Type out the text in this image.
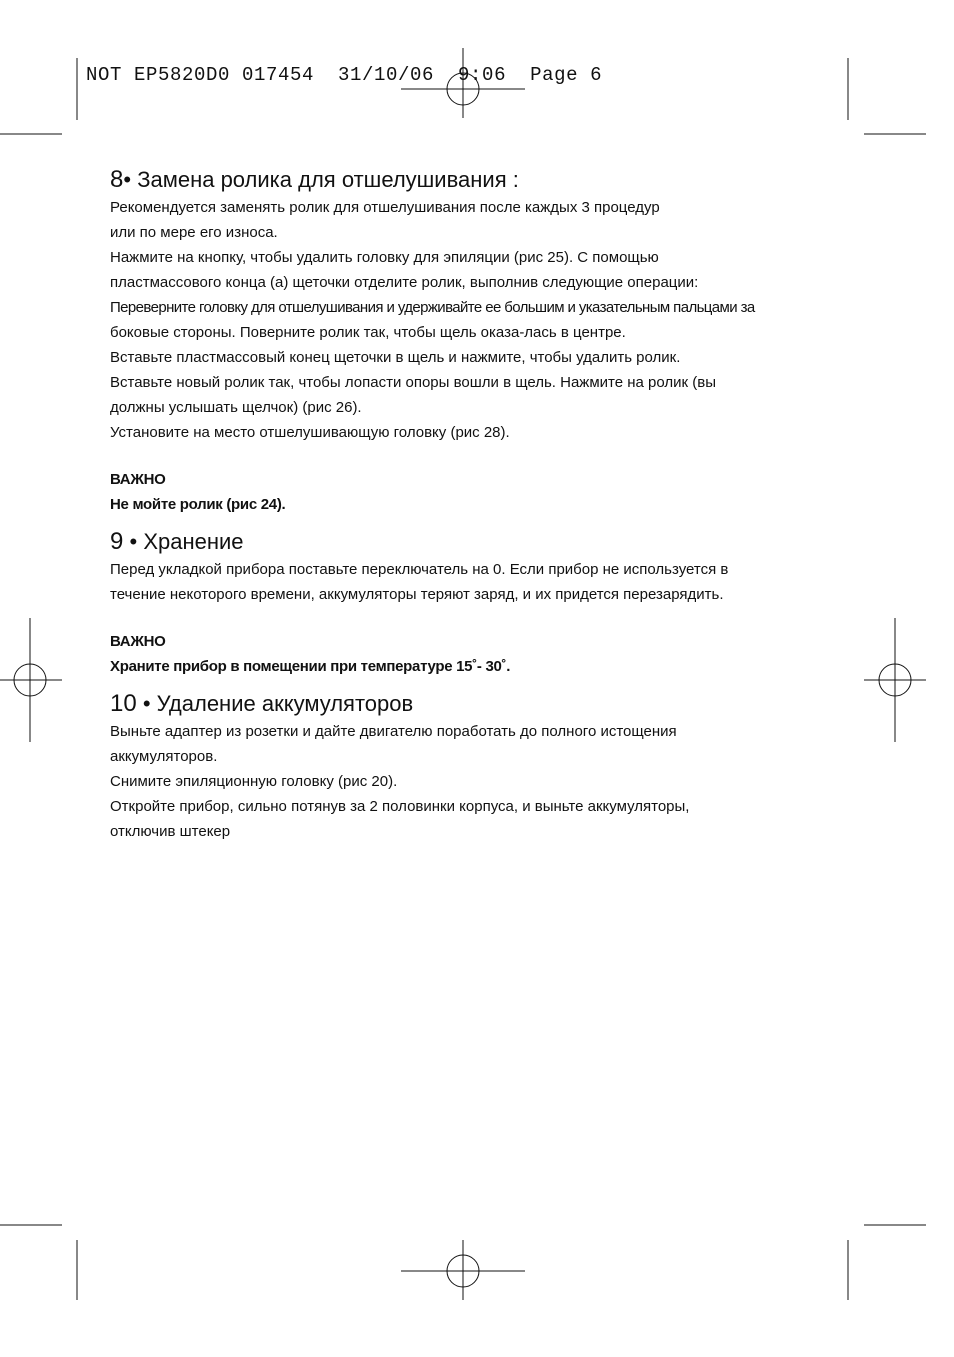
NOT EP5820D0 017454  31/10/06  9:06  Page 6
8• Замена ролика для отшелушивания :

Рекомендуется заменять ролик для отшелушивания после каждых 3 процедур

или по мере его износа.

Нажмите на кнопку, чтобы удалить головку для эпиляции (рис 25). С помощью

пластмассового конца (а) щеточки отделите ролик, выполнив следующие операции:

Переверните головку для отшелушивания и удерживайте ее большим и указательным пальцами за

боковые стороны. Поверните ролик так, чтобы щель оказа-лась в центре.

Вставьте пластмассовый конец щеточки в щель и нажмите, чтобы удалить ролик.

Вставьте новый ролик так, чтобы лопасти опоры вошли в щель. Нажмите на ролик (вы

должны услышать щелчок) (рис 26).

Установите на место отшелушивающую головку (рис 28).

ВАЖНО

Не мойте ролик (рис 24).

9 • Хранение

Перед укладкой прибора поставьте переключатель на 0. Если прибор не используется в

течение некоторого времени, аккумуляторы теряют заряд, и их придется перезарядить.

ВАЖНО

Храните прибор в помещении при температуре 15˚- 30˚.

10 • Удаление аккумуляторов

Выньте адаптер из розетки и дайте двигателю поработать до полного истощения

аккумуляторов.

Снимите эпиляционную головку (рис 20).

Откройте прибор, сильно потянув за 2 половинки корпуса, и выньте аккумуляторы,

отключив штекер
